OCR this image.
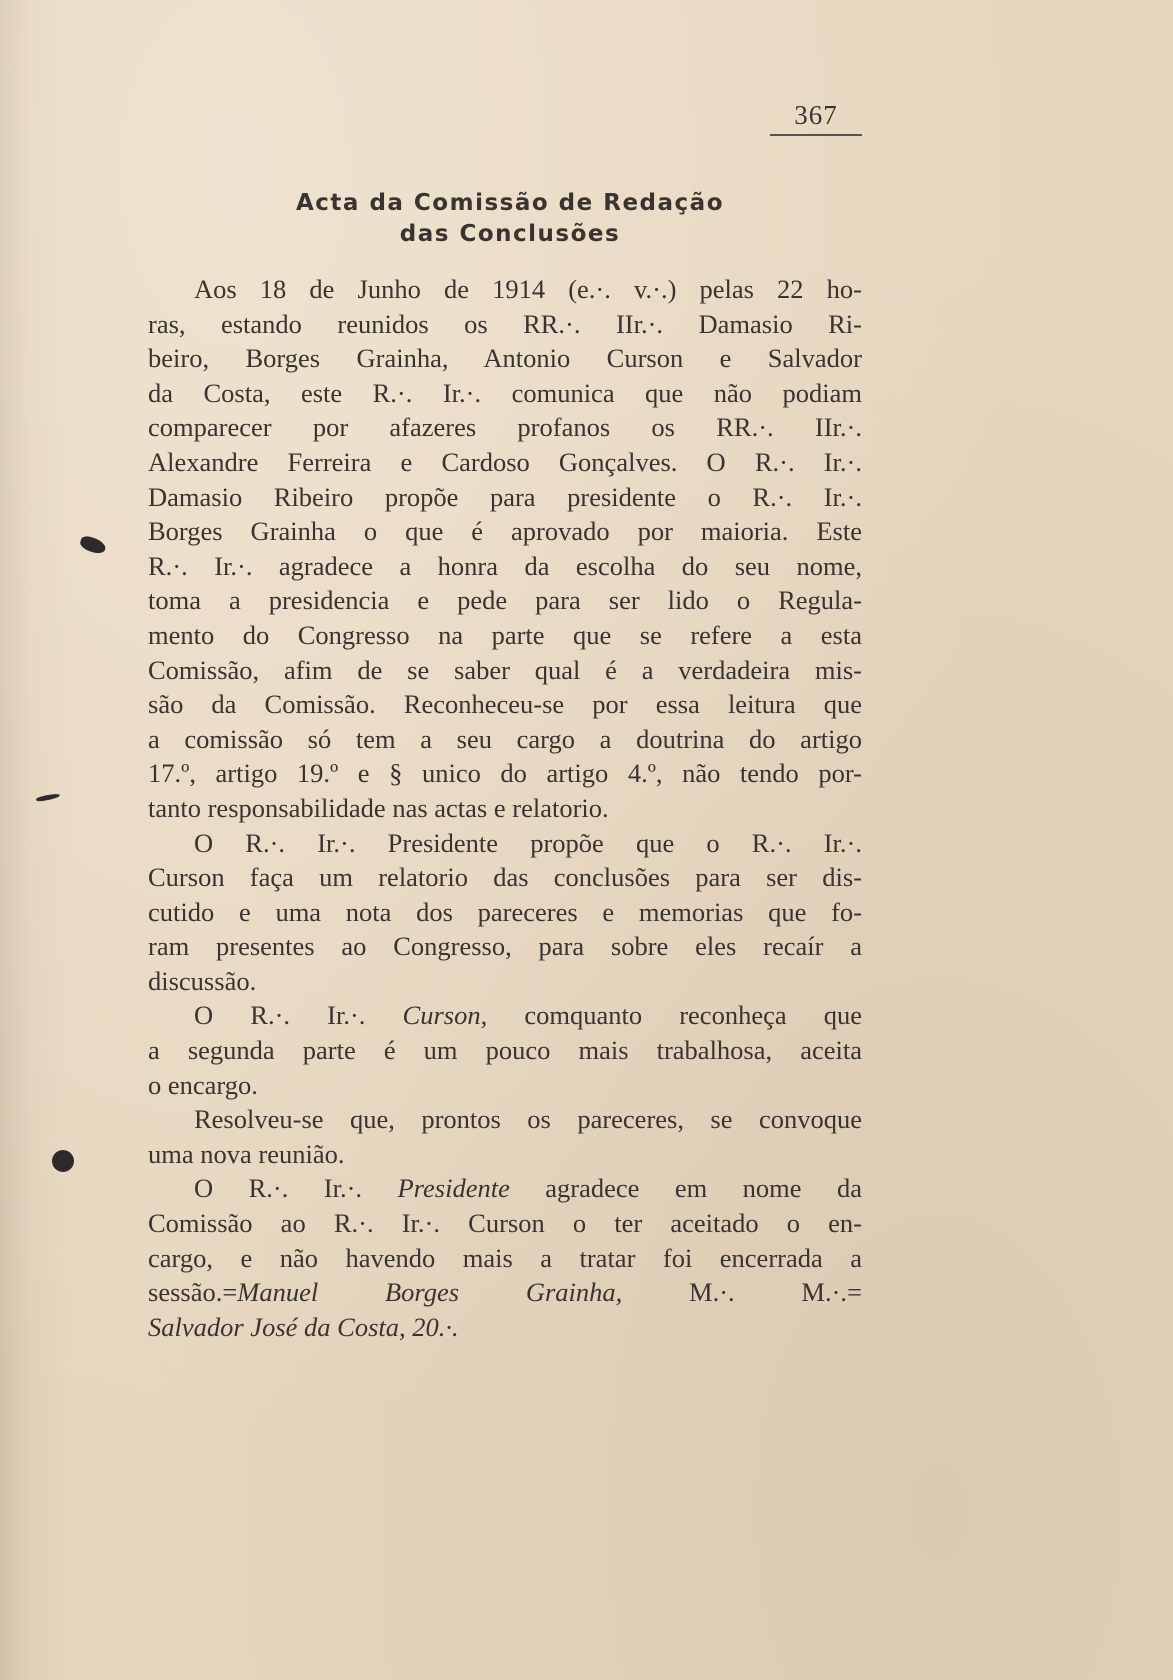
367
Acta da Comissão de Redação
das Conclusões
Aos 18 de Junho de 1914 (e.·. v.·.) pelas 22 ho-
ras, estando reunidos os RR.·. IIr.·. Damasio Ri-
beiro, Borges Grainha, Antonio Curson e Salvador
da Costa, este R.·. Ir.·. comunica que não podiam
comparecer por afazeres profanos os RR.·. IIr.·.
Alexandre Ferreira e Cardoso Gonçalves. O R.·. Ir.·.
Damasio Ribeiro propõe para presidente o R.·. Ir.·.
Borges Grainha o que é aprovado por maioria. Este
R.·. Ir.·. agradece a honra da escolha do seu nome,
toma a presidencia e pede para ser lido o Regula-
mento do Congresso na parte que se refere a esta
Comissão, afim de se saber qual é a verdadeira mis-
são da Comissão. Reconheceu-se por essa leitura que
a comissão só tem a seu cargo a doutrina do artigo
17.º, artigo 19.º e § unico do artigo 4.º, não tendo por-
tanto responsabilidade nas actas e relatorio.
O R.·. Ir.·. Presidente propõe que o R.·. Ir.·.
Curson faça um relatorio das conclusões para ser dis-
cutido e uma nota dos pareceres e memorias que fo-
ram presentes ao Congresso, para sobre eles recaír a
discussão.
O R.·. Ir.·. Curson, comquanto reconheça que
a segunda parte é um pouco mais trabalhosa, aceita
o encargo.
Resolveu-se que, prontos os pareceres, se convoque
uma nova reunião.
O R.·. Ir.·. Presidente agradece em nome da
Comissão ao R.·. Ir.·. Curson o ter aceitado o en-
cargo, e não havendo mais a tratar foi encerrada a
sessão.=Manuel Borges Grainha, M.·. M.·.=
Salvador José da Costa, 20.·.
